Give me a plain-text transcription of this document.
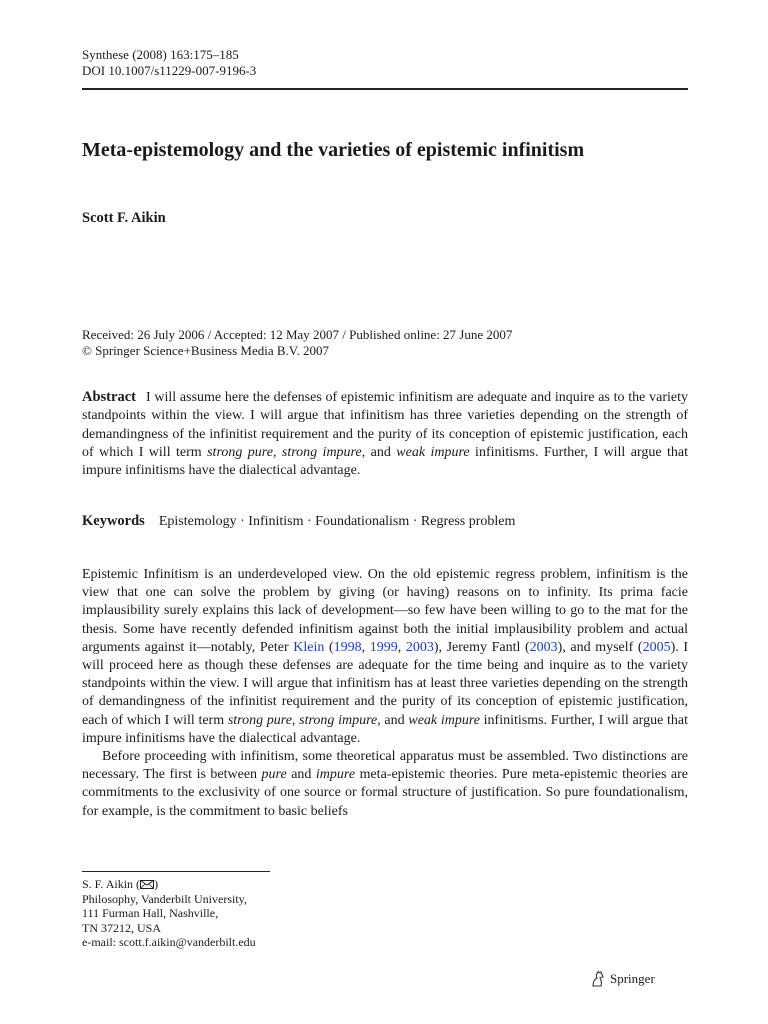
Synthese (2008) 163:175–185
DOI 10.1007/s11229-007-9196-3
Meta-epistemology and the varieties of epistemic infinitism
Scott F. Aikin
Received: 26 July 2006 / Accepted: 12 May 2007 / Published online: 27 June 2007
© Springer Science+Business Media B.V. 2007
Abstract I will assume here the defenses of epistemic infinitism are adequate and inquire as to the variety standpoints within the view. I will argue that infinitism has three varieties depending on the strength of demandingness of the infinitist requirement and the purity of its conception of epistemic justification, each of which I will term strong pure, strong impure, and weak impure infinitisms. Further, I will argue that impure infinitisms have the dialectical advantage.
Keywords Epistemology · Infinitism · Foundationalism · Regress problem

Epistemic Infinitism is an underdeveloped view. On the old epistemic regress problem, infinitism is the view that one can solve the problem by giving (or having) reasons on to infinity. Its prima facie implausibility surely explains this lack of development—so few have been willing to go to the mat for the thesis. Some have recently defended infinitism against both the initial implausibility problem and actual arguments against it—notably, Peter Klein (1998, 1999, 2003), Jeremy Fantl (2003), and myself (2005). I will proceed here as though these defenses are adequate for the time being and inquire as to the variety standpoints within the view. I will argue that infinitism has at least three varieties depending on the strength of demandingness of the infinitist requirement and the purity of its conception of epistemic justification, each of which I will term strong pure, strong impure, and weak impure infinitisms. Further, I will argue that impure infinitisms have the dialectical advantage.

Before proceeding with infinitism, some theoretical apparatus must be assembled. Two distinctions are necessary. The first is between pure and impure meta-epistemic theories. Pure meta-epistemic theories are commitments to the exclusivity of one source or formal structure of justification. So pure foundationalism, for example, is the commitment to basic beliefs

S. F. Aikin ( )
Philosophy, Vanderbilt University,
111 Furman Hall, Nashville,
TN 37212, USA
e-mail: scott.f.aikin@vanderbilt.edu
Springer
